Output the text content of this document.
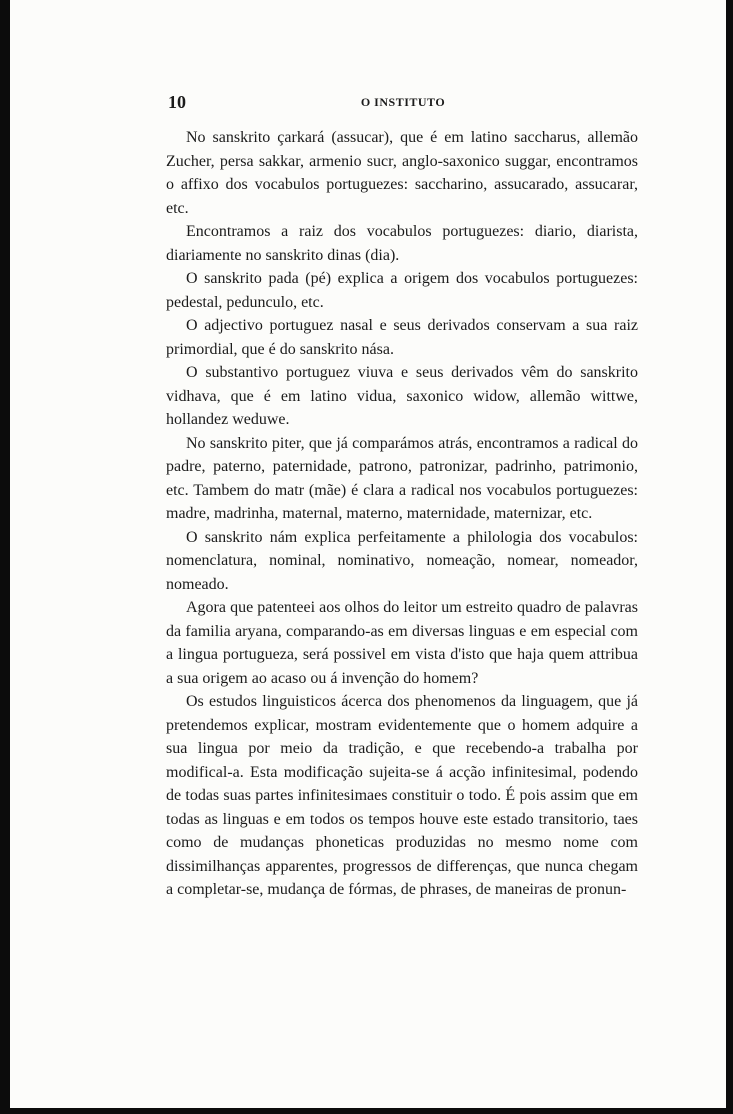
10	O INSTITUTO

No sanskrito çarkará (assucar), que é em latino saccharus, allemão Zucher, persa sakkar, armenio sucr, anglo-saxonico suggar, encontramos o affixo dos vocabulos portuguezes: saccharino, assucarado, assucarar, etc.

Encontramos a raiz dos vocabulos portuguezes: diario, diarista, diariamente no sanskrito dinas (dia).

O sanskrito pada (pé) explica a origem dos vocabulos portuguezes: pedestal, pedunculo, etc.

O adjectivo portuguez nasal e seus derivados conservam a sua raiz primordial, que é do sanskrito nása.

O substantivo portuguez viuva e seus derivados vêm do sanskrito vidhava, que é em latino vidua, saxonico widow, allemão wittwe, hollandez weduwe.

No sanskrito piter, que já comparámos atrás, encontramos a radical do padre, paterno, paternidade, patrono, patronizar, padrinho, patrimonio, etc. Tambem do matr (mãe) é clara a radical nos vocabulos portuguezes: madre, madrinha, maternal, materno, maternidade, maternizar, etc.

O sanskrito nám explica perfeitamente a philologia dos vocabulos: nomenclatura, nominal, nominativo, nomeação, nomear, nomeador, nomeado.

Agora que patenteei aos olhos do leitor um estreito quadro de palavras da familia aryana, comparando-as em diversas linguas e em especial com a lingua portugueza, será possivel em vista d'isto que haja quem attribua a sua origem ao acaso ou á invenção do homem?

Os estudos linguisticos ácerca dos phenomenos da linguagem, que já pretendemos explicar, mostram evidentemente que o homem adquire a sua lingua por meio da tradição, e que recebendo-a trabalha por modifical-a. Esta modificação sujeita-se á acção infinitesimal, podendo de todas suas partes infinitesimaes constituir o todo. É pois assim que em todas as linguas e em todos os tempos houve este estado transitorio, taes como de mudanças phoneticas produzidas no mesmo nome com dissimilhanças apparentes, progressos de differenças, que nunca chegam a completar-se, mudança de fórmas, de phrases, de maneiras de pronun-
